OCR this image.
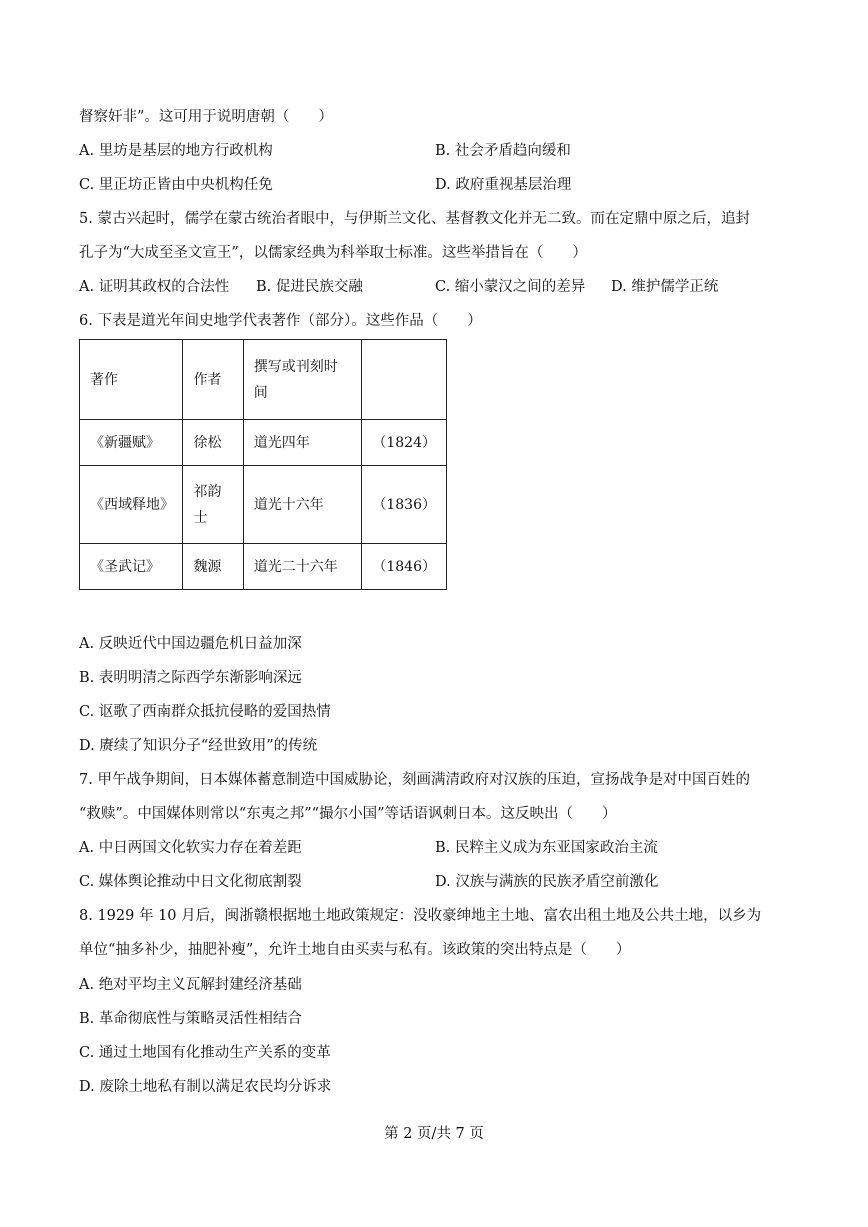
督察奸非”。这可用于说明唐朝（　　）
A. 里坊是基层的地方行政机构	B. 社会矛盾趋向缓和
C. 里正坊正皆由中央机构任免	D. 政府重视基层治理
5. 蒙古兴起时，儒学在蒙古统治者眼中，与伊斯兰文化、基督教文化并无二致。而在定鼎中原之后，追封
孔子为“大成至圣文宣王”，以儒家经典为科举取士标准。这些举措旨在（　　）
A. 证明其政权的合法性 B. 促进民族交融	C. 缩小蒙汉之间的差异 D. 维护儒学正统
6. 下表是道光年间史地学代表著作（部分）。这些作品（　　）
著作	作者	撰写或刊刻时间	
《新疆赋》	徐松	道光四年	（1824）
《西域释地》	祁韵士	道光十六年	（1836）
《圣武记》	魏源	道光二十六年	（1846）
A. 反映近代中国边疆危机日益加深
B. 表明明清之际西学东渐影响深远
C. 讴歌了西南群众抵抗侵略的爱国热情
D. 赓续了知识分子“经世致用”的传统
7. 甲午战争期间，日本媒体蓄意制造中国威胁论，刻画满清政府对汉族的压迫，宣扬战争是对中国百姓的
“救赎”。中国媒体则常以“东夷之邦”“撮尔小国”等话语讽刺日本。这反映出（　　）
A. 中日两国文化软实力存在着差距	B. 民粹主义成为东亚国家政治主流
C. 媒体舆论推动中日文化彻底割裂	D. 汉族与满族的民族矛盾空前激化
8. 1929 年 10 月后，闽浙赣根据地土地政策规定：没收豪绅地主土地、富农出租土地及公共土地，以乡为
单位“抽多补少，抽肥补瘦”，允许土地自由买卖与私有。该政策的突出特点是（　　）
A. 绝对平均主义瓦解封建经济基础
B. 革命彻底性与策略灵活性相结合
C. 通过土地国有化推动生产关系的变革
D. 废除土地私有制以满足农民均分诉求
第 2 页/共 7 页
